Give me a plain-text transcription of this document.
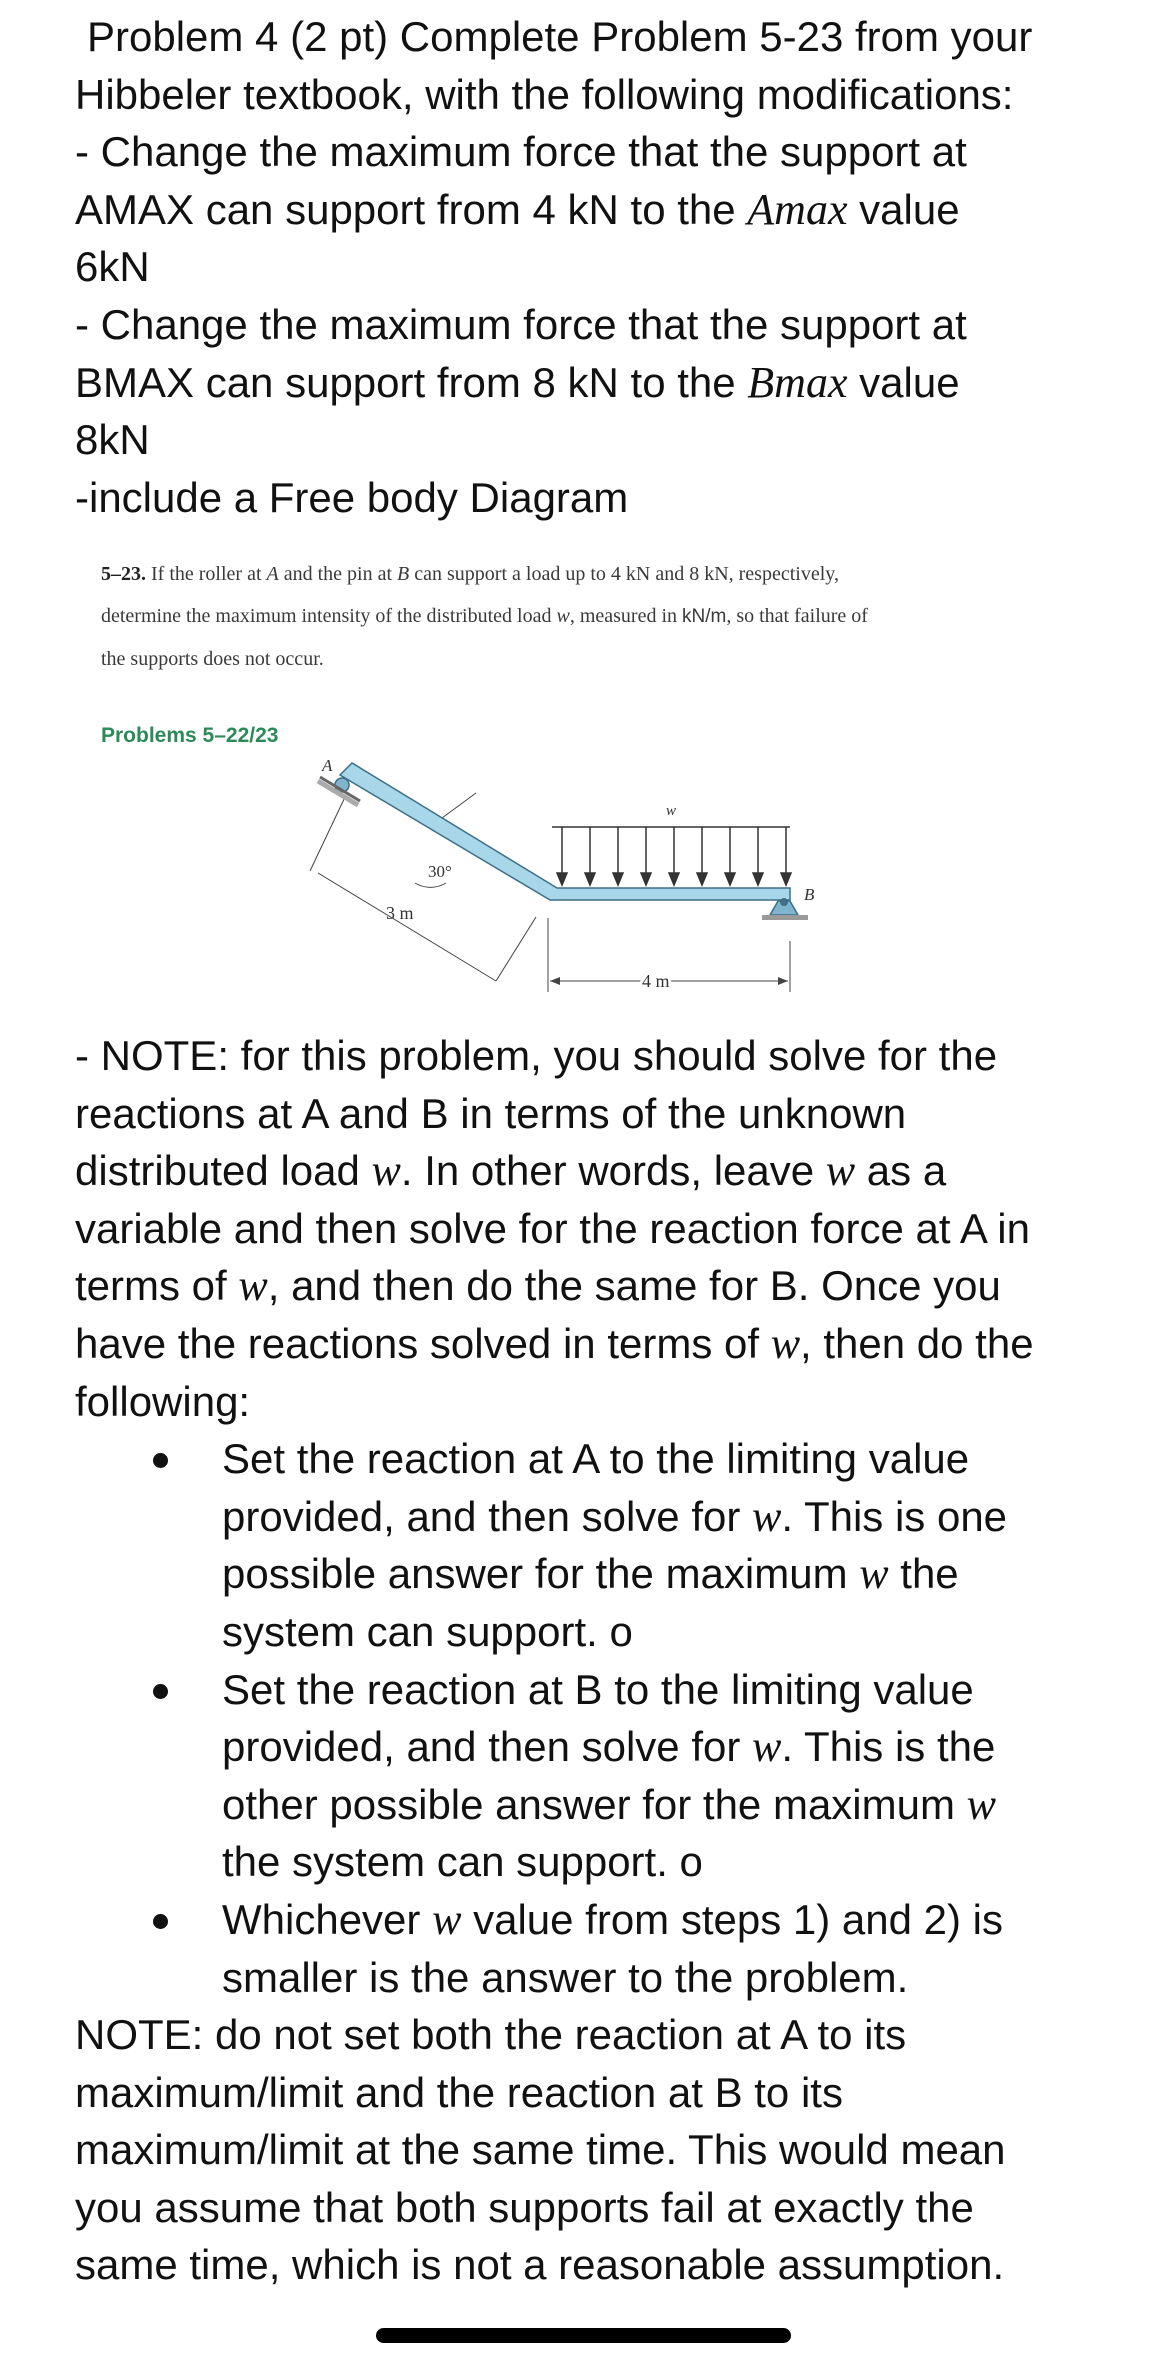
Problem 4 (2 pt) Complete Problem 5-23 from your
Hibbeler textbook, with the following modifications:
- Change the maximum force that the support at
AMAX can support from 4 kN to the Amax value
6kN
- Change the maximum force that the support at
BMAX can support from 8 kN to the Bmax value
8kN
-include a Free body Diagram
5–23. If the roller at A and the pin at B can support a load up to 4 kN and 8 kN, respectively,
determine the maximum intensity of the distributed load w, measured in kN/m, so that failure of
the supports does not occur.
Problems 5–22/23
A
B
w
30°
3 m
4 m
- NOTE: for this problem, you should solve for the
reactions at A and B in terms of the unknown
distributed load w. In other words, leave w as a
variable and then solve for the reaction force at A in
terms of w, and then do the same for B. Once you
have the reactions solved in terms of w, then do the
following:
Set the reaction at A to the limiting value
provided, and then solve for w. This is one
possible answer for the maximum w the
system can support. o
Set the reaction at B to the limiting value
provided, and then solve for w. This is the
other possible answer for the maximum w
the system can support. o
Whichever w value from steps 1) and 2) is
smaller is the answer to the problem.
NOTE: do not set both the reaction at A to its
maximum/limit and the reaction at B to its
maximum/limit at the same time. This would mean
you assume that both supports fail at exactly the
same time, which is not a reasonable assumption.
